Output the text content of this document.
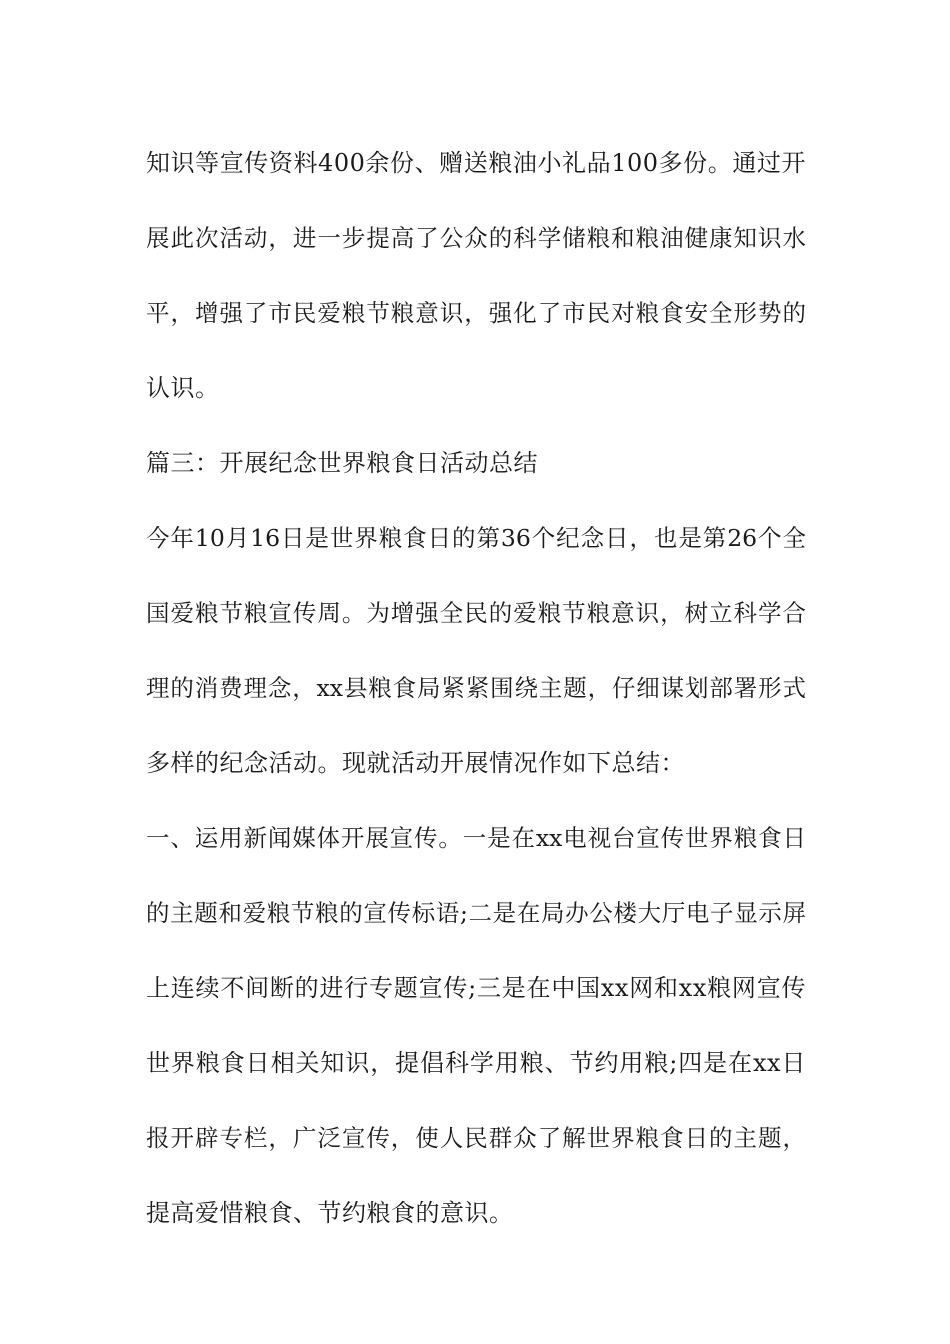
知识等宣传资料400余份、赠送粮油小礼品100多份。通过开
展此次活动，进一步提高了公众的科学储粮和粮油健康知识水
平，增强了市民爱粮节粮意识，强化了市民对粮食安全形势的
认识。
篇三：开展纪念世界粮食日活动总结
今年10月16日是世界粮食日的第36个纪念日，也是第26个全
国爱粮节粮宣传周。为增强全民的爱粮节粮意识，树立科学合
理的消费理念，xx县粮食局紧紧围绕主题，仔细谋划部署形式
多样的纪念活动。现就活动开展情况作如下总结：
一、运用新闻媒体开展宣传。一是在xx电视台宣传世界粮食日
的主题和爱粮节粮的宣传标语;二是在局办公楼大厅电子显示屏
上连续不间断的进行专题宣传;三是在中国xx网和xx粮网宣传
世界粮食日相关知识，提倡科学用粮、节约用粮;四是在xx日
报开辟专栏，广泛宣传，使人民群众了解世界粮食日的主题，
提高爱惜粮食、节约粮食的意识。
